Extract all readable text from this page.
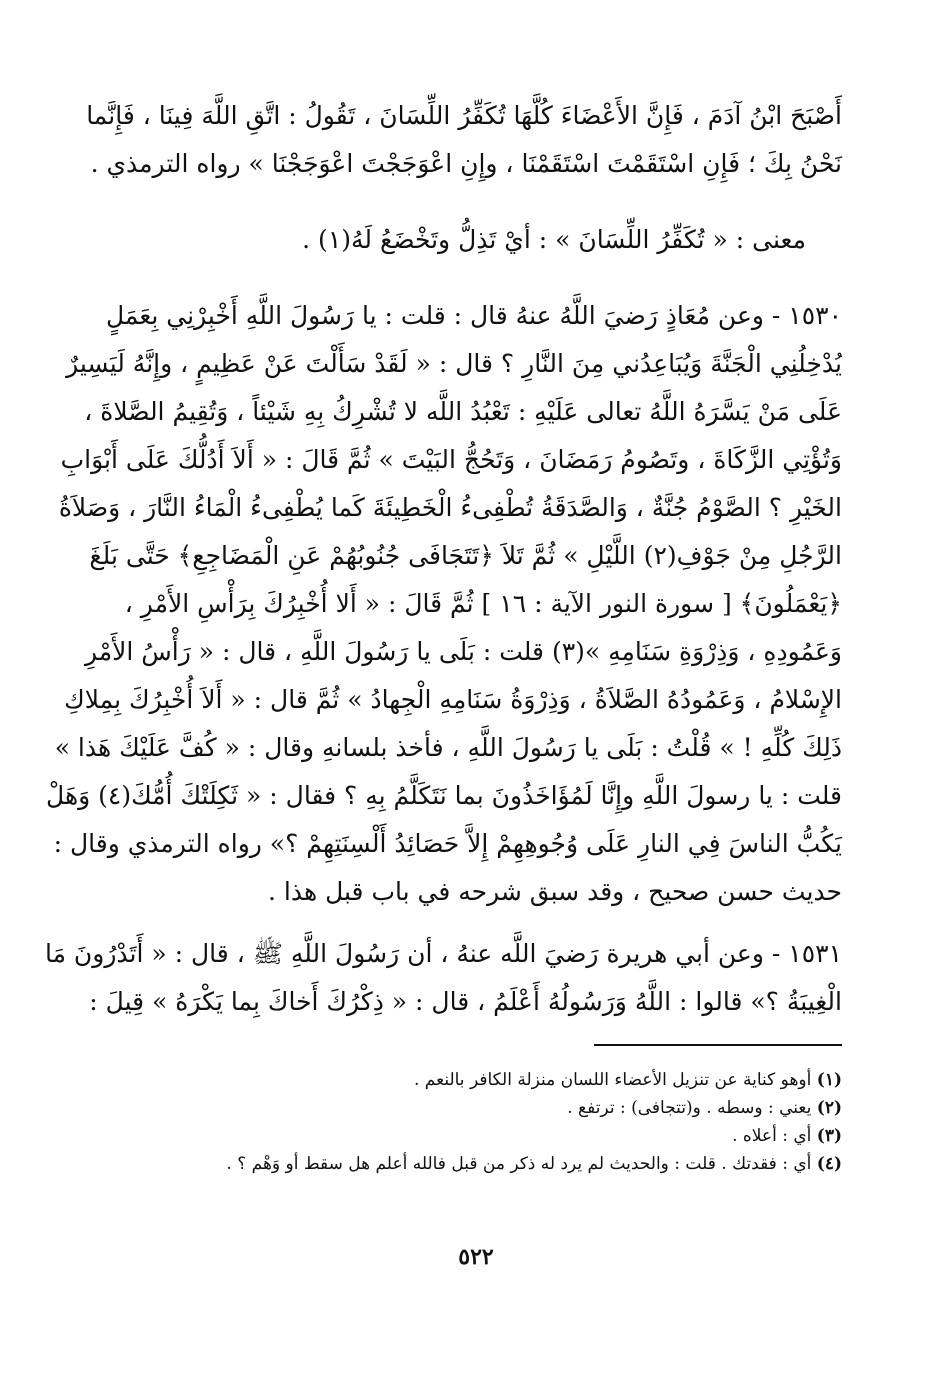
أَصْبَحَ ابْنُ آدَمَ ، فَإِنَّ الأَعْضَاءَ كُلَّهَا تُكَفِّرُ اللِّسَانَ ، تَقُولُ : اتَّقِ اللَّهَ فِينَا ، فَإِنَّما
نَحْنُ بِكَ ؛ فَإِنِ اسْتَقَمْتَ اسْتَقَمْنَا ، وإِنِ اعْوَجَجْتَ اعْوَجَجْنَا » رواه الترمذي .
معنى : « تُكَفِّرُ اللِّسَانَ » : أيْ تَذِلُّ وتَخْضَعُ لَهُ(١) .
١٥٣٠ - وعن مُعَاذٍ رَضيَ اللَّهُ عنهُ قال : قلت : يا رَسُولَ اللَّهِ أَخْبِرْنِي بِعَمَلٍ
يُدْخِلُنِي الْجَنَّةَ وَيُبَاعِدُني مِنَ النَّارِ ؟ قال : « لَقَدْ سَأَلْتَ عَنْ عَظِيمٍ ، وإِنَّهُ لَيَسِيرٌ
عَلَى مَنْ يَسَّرَهُ اللَّهُ تعالى عَلَيْهِ : تَعْبُدُ اللَّه لا تُشْرِكُ بِهِ شَيْئاً ، وَتُقِيمُ الصَّلاةَ ،
وَتُؤْتِي الزَّكَاةَ ، وتَصُومُ رَمَضَانَ ، وَتَحُجُّ البَيْتَ » ثُمَّ قَالَ : « أَلاَ أَدُلُّكَ عَلَى أَبْوَابِ
الخَيْرِ ؟ الصَّوْمُ جُنَّةٌ ، وَالصَّدَقَةُ تُطْفِىءُ الْخَطِيئَةَ كَما يُطْفِىءُ الْمَاءُ النَّارَ ، وَصَلاَةُ
الرَّجُلِ مِنْ جَوْفِ(٢) اللَّيْلِ » ثُمَّ تَلاَ ﴿تَتَجَافَى جُنُوبُهُمْ عَنِ الْمَضَاجِعِ﴾ حَتَّى بَلَغَ
﴿يَعْمَلُونَ﴾ [ سورة النور الآية : ١٦ ] ثُمَّ قَالَ : « أَلا أُخْبِرُكَ بِرَأْسِ الأَمْرِ ،
وَعَمُودِهِ ، وَذِرْوَةِ سَنَامِهِ »(٣) قلت : بَلَى يا رَسُولَ اللَّهِ ، قال : « رَأْسُ الأَمْرِ
الإِسْلامُ ، وَعَمُودُهُ الصَّلاَةُ ، وَذِرْوَةُ سَنَامِهِ الْجِهادُ » ثُمَّ قال : « أَلاَ أُخْبِرُكَ بِمِلاكِ
ذَلِكَ كُلِّهِ ! » قُلْتُ : بَلَى يا رَسُولَ اللَّهِ ، فأخذ بلسانهِ وقال : « كُفَّ عَلَيْكَ هَذا »
قلت : يا رسولَ اللَّهِ وإِنَّا لَمُؤَاخَذُونَ بما نَتَكَلَّمُ بِهِ ؟ فقال : « ثَكِلَتْكَ أُمُّكَ(٤) وَهَلْ
يَكُبُّ الناسَ فِي النارِ عَلَى وُجُوهِهِمْ إِلاَّ حَصَائِدُ أَلْسِنَتِهِمْ ؟» رواه الترمذي وقال :
حديث حسن صحيح ، وقد سبق شرحه في باب قبل هذا .
١٥٣١ - وعن أبي هريرة رَضيَ اللَّه عنهُ ، أن رَسُولَ اللَّهِ ﷺ ، قال : « أَتَدْرُونَ مَا
الْغِيبَةُ ؟» قالوا : اللَّهُ وَرَسُولُهُ أَعْلَمُ ، قال : « ذِكْرُكَ أَخاكَ بِما يَكْرَهُ » قِيلَ :
(١) أوهو كناية عن تنزيل الأعضاء اللسان منزلة الكافر بالنعم .
(٢) يعني : وسطه . و(تتجافى) : ترتفع .
(٣) أي : أعلاه .
(٤) أي : فقدتك . قلت : والحديث لم يرد له ذكر من قبل فالله أعلم هل سقط أو وَهْم ؟ .
٥٢٢
